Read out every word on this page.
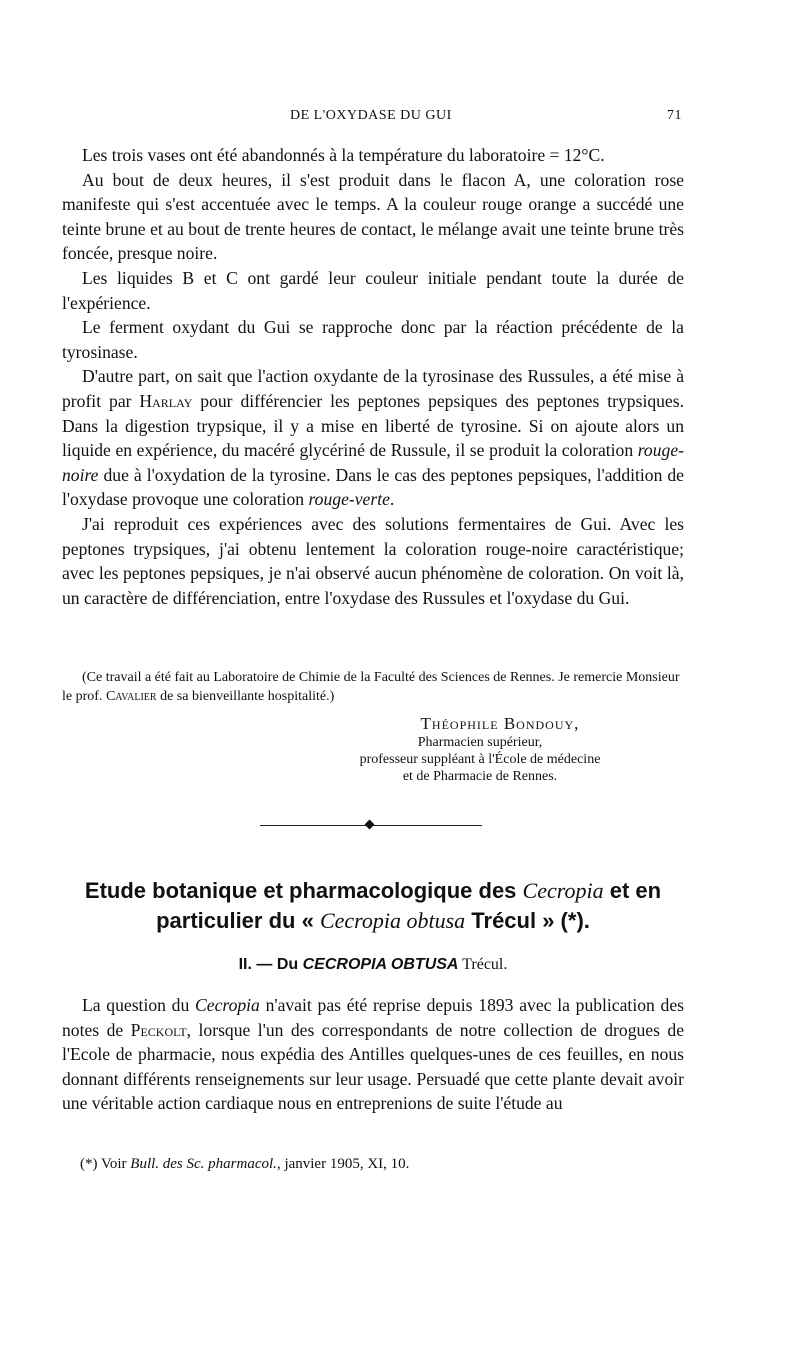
DE L'OXYDASE DU GUI	71

Les trois vases ont été abandonnés à la température du laboratoire = 12°C.

Au bout de deux heures, il s'est produit dans le flacon A, une coloration rose manifeste qui s'est accentuée avec le temps. A la couleur rouge orange a succédé une teinte brune et au bout de trente heures de contact, le mélange avait une teinte brune très foncée, presque noire.

Les liquides B et C ont gardé leur couleur initiale pendant toute la durée de l'expérience.

Le ferment oxydant du Gui se rapproche donc par la réaction précédente de la tyrosinase.

D'autre part, on sait que l'action oxydante de la tyrosinase des Russules, a été mise à profit par Harlay pour différencier les peptones pepsiques des peptones trypsiques. Dans la digestion trypsique, il y a mise en liberté de tyrosine. Si on ajoute alors un liquide en expérience, du macéré glycériné de Russule, il se produit la coloration rouge-noire due à l'oxydation de la tyrosine. Dans le cas des peptones pepsiques, l'addition de l'oxydase provoque une coloration rouge-verte.

J'ai reproduit ces expériences avec des solutions fermentaires de Gui. Avec les peptones trypsiques, j'ai obtenu lentement la coloration rouge-noire caractéristique; avec les peptones pepsiques, je n'ai observé aucun phénomène de coloration. On voit là, un caractère de différenciation, entre l'oxydase des Russules et l'oxydase du Gui.

(Ce travail a été fait au Laboratoire de Chimie de la Faculté des Sciences de Rennes. Je remercie Monsieur le prof. Cavalier de sa bienveillante hospitalité.)

Théophile Bondouy,
Pharmacien supérieur,
professeur suppléant à l'École de médecine
et de Pharmacie de Rennes.
Etude botanique et pharmacologique des Cecropia et en particulier du « Cecropia obtusa Trécul » (*).
II. — Du CECROPIA OBTUSA Trécul.

La question du Cecropia n'avait pas été reprise depuis 1893 avec la publication des notes de Peckolt, lorsque l'un des correspondants de notre collection de drogues de l'Ecole de pharmacie, nous expédia des Antilles quelques-unes de ces feuilles, en nous donnant différents renseignements sur leur usage. Persuadé que cette plante devait avoir une véritable action cardiaque nous en entreprenions de suite l'étude au

(*) Voir Bull. des Sc. pharmacol., janvier 1905, XI, 10.
